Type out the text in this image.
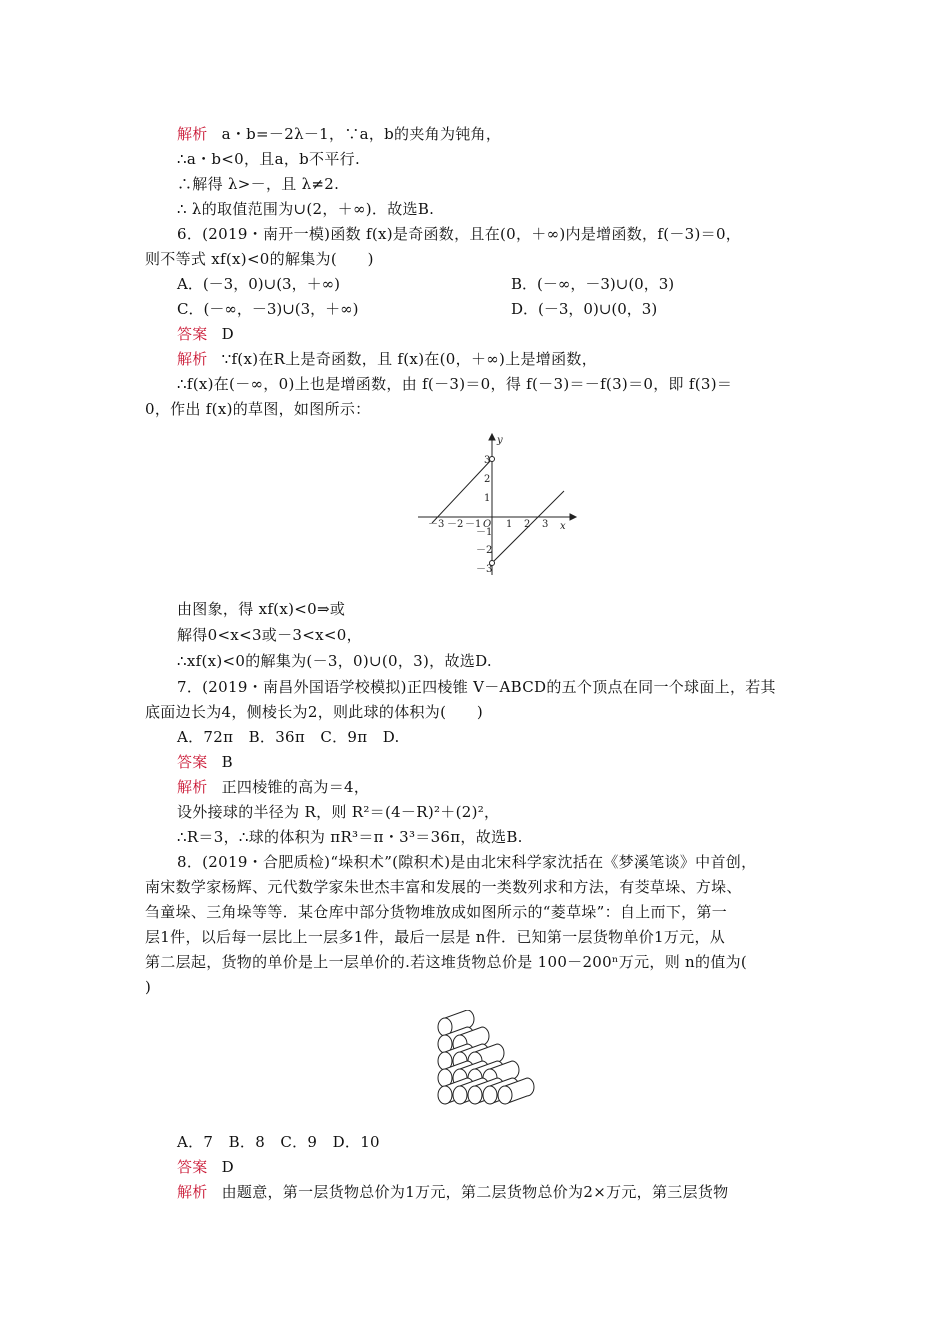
解析 a・b=－2λ－1，∵a，b的夹角为钝角，
∴a・b<0，且a，b不平行.
∴解得 λ>－，且 λ≠2.
∴ λ的取值范围为∪(2，＋∞)．故选B.
6．(2019・南开一模)函数 f(x)是奇函数，且在(0，＋∞)内是增函数，f(－3)＝0，
则不等式 xf(x)<0的解集为(　　)
A．(－3，0)∪(3，＋∞)	B．(－∞，－3)∪(0，3)
C．(－∞，－3)∪(3，＋∞)	D．(－3，0)∪(0，3)
答案 D
解析 ∵f(x)在R上是奇函数，且 f(x)在(0，＋∞)上是增函数，
∴f(x)在(－∞，0)上也是增函数，由 f(－3)＝0，得 f(－3)＝－f(3)＝0，即 f(3)＝
0，作出 f(x)的草图，如图所示：
y
x
O
－3 －2 －1 1 2 3
3
2
1
－1
－2
－3
由图象，得 xf(x)<0⇒或
解得0<x<3或－3<x<0，
∴xf(x)<0的解集为(－3，0)∪(0，3)，故选D.
7．(2019・南昌外国语学校模拟)正四棱锥 V－ABCD的五个顶点在同一个球面上，若其
底面边长为4，侧棱长为2，则此球的体积为(　　)
A．72π　B．36π　C．9π　D.
答案 B
解析 正四棱锥的高为＝4，
设外接球的半径为 R，则 R²＝(4－R)²＋(2)²，
∴R＝3，∴球的体积为 πR³＝π・3³＝36π，故选B.
8．(2019・合肥质检)“垛积术”(隙积术)是由北宋科学家沈括在《梦溪笔谈》中首创，
南宋数学家杨辉、元代数学家朱世杰丰富和发展的一类数列求和方法，有茭草垛、方垛、
刍童垛、三角垛等等．某仓库中部分货物堆放成如图所示的“菱草垛”：自上而下，第一
层1件，以后每一层比上一层多1件，最后一层是 n件．已知第一层货物单价1万元，从
第二层起，货物的单价是上一层单价的.若这堆货物总价是 100－200ⁿ万元，则 n的值为(
)
A．7　B．8　C．9　D．10
答案 D
解析 由题意，第一层货物总价为1万元，第二层货物总价为2×万元，第三层货物
